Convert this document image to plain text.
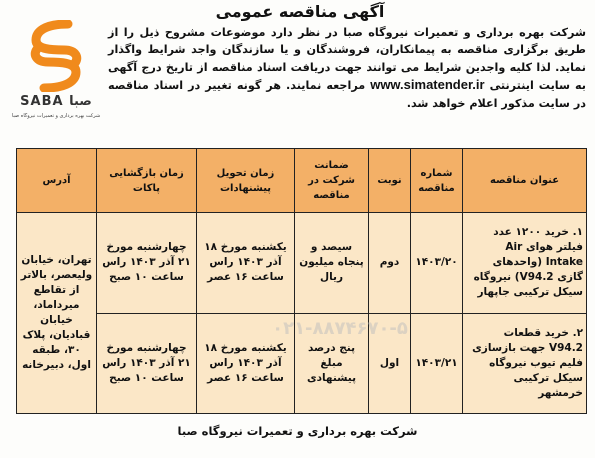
آگهی مناقصه عمومی
SABA صبا
شرکت بهره برداری و تعمیرات نیروگاه صبا
شرکت بهره برداری و تعمیرات نیروگاه صبا در نظر دارد موضوعات مشروح ذیل را از طریق برگزاری مناقصه به پیمانکاران، فروشندگان و یا سازندگان واجد شرایط واگذار نماید. لذا کلیه واجدین شرایط می توانند جهت دریافت اسناد مناقصه از تاریخ درج آگهی به سایت اینترنتی www.simatender.ir مراجعه نمایند. هر گونه تغییر در اسناد مناقصه در سایت مذکور اعلام خواهد شد.
عنوان مناقصه	شماره مناقصه	نوبت	ضمانت شرکت در مناقصه	زمان تحویل پیشنهادات	زمان بازگشایی پاکات	آدرس
۱. خرید ۱۲۰۰ عدد فیلتر هوای Air Intake (واحدهای گازی V94.2) نیروگاه سیکل ترکیبی جاپهار	۱۴۰۳/۲۰	دوم	سیصد و پنجاه میلیون ریال	یکشنبه مورخ ۱۸ آذر ۱۴۰۳ راس ساعت ۱۶ عصر	چهارشنبه مورخ ۲۱ آذر ۱۴۰۳ راس ساعت ۱۰ صبح	تهران، خیابان ولیعصر، بالاتر از تقاطع میرداماد، خیابان قبادیان، پلاک ۳۰، طبقه اول، دبیرخانه
۲. خرید قطعات V94.2 جهت بازسازی فلیم تیوب نیروگاه سیکل ترکیبی خرمشهر	۱۴۰۳/۲۱	اول	پنج درصد مبلغ پیشنهادی	یکشنبه مورخ ۱۸ آذر ۱۴۰۳ راس ساعت ۱۶ عصر	چهارشنبه مورخ ۲۱ آذر ۱۴۰۳ راس ساعت ۱۰ صبح	
۰۲۱-۸۸۷۴۶۷۰-۵
شرکت بهره برداری و تعمیرات نیروگاه صبا
